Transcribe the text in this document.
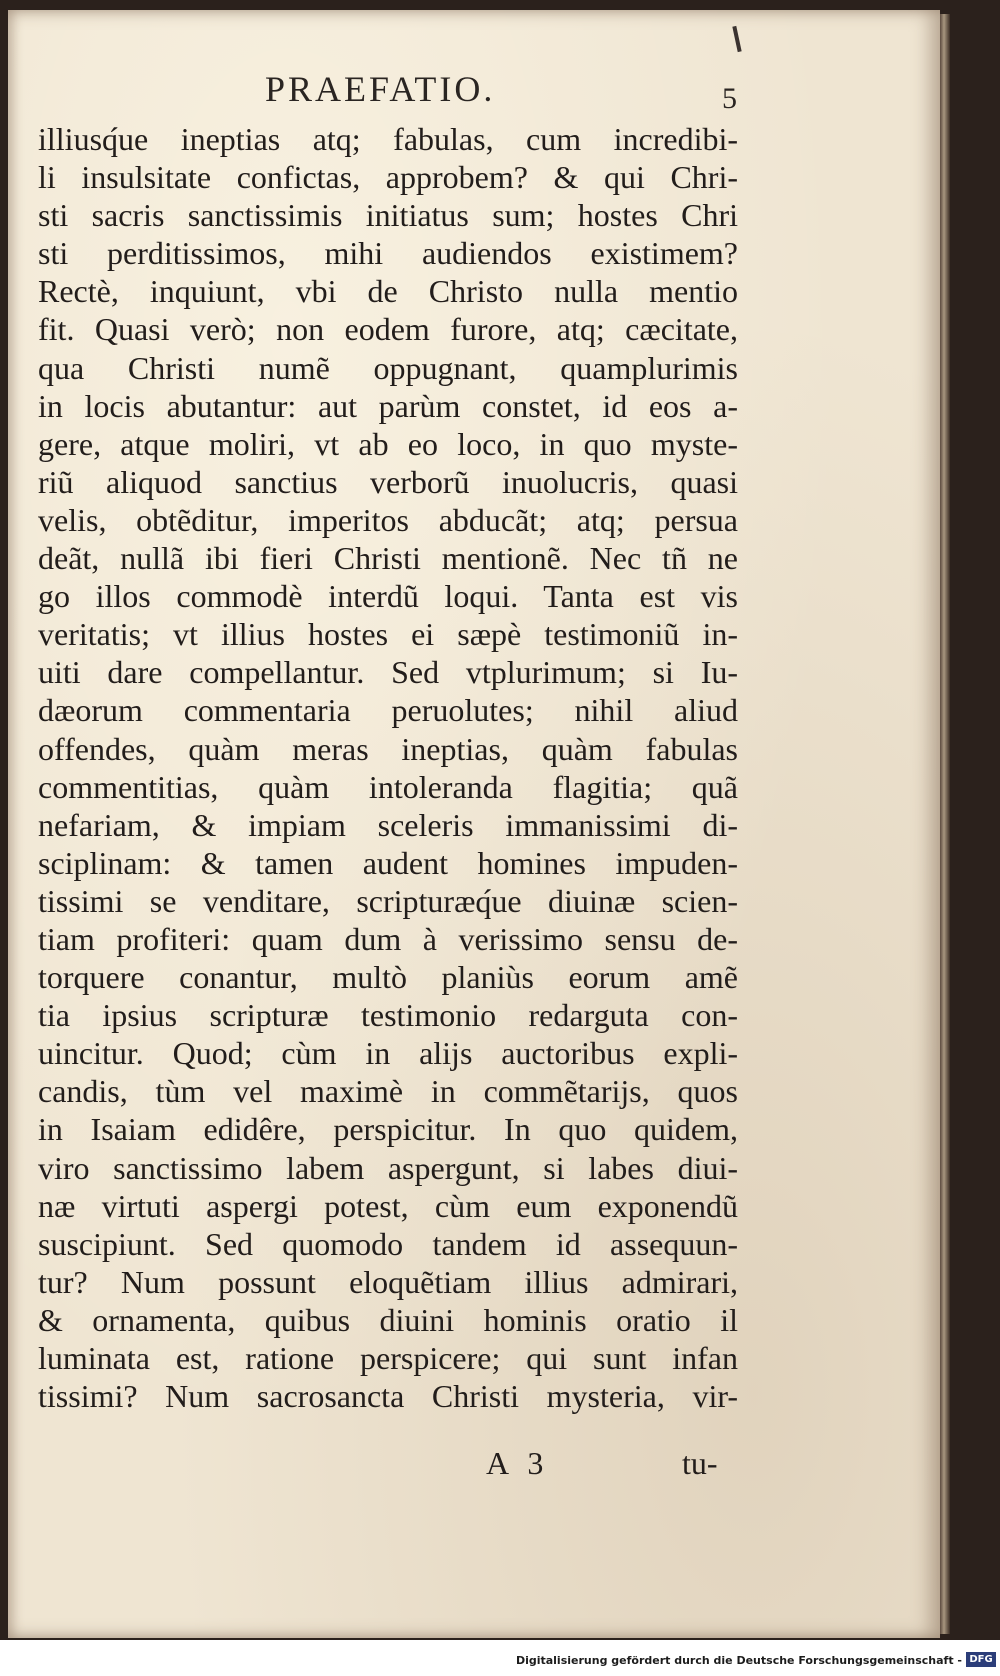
PRAEFATIO.	5
illiusq́ue ineptias atq; fabulas, cum incredibi-
li insulsitate confictas, approbem? & qui Chri-
sti sacris sanctissimis initiatus sum; hostes Chri
sti perditissimos, mihi audiendos existimem?
Rectè, inquiunt, vbi de Christo nulla mentio
fit. Quasi verò; non eodem furore, atq; cæcitate,
qua Christi numẽ oppugnant, quamplurimis
in locis abutantur: aut parùm constet, id eos a-
gere, atque moliri, vt ab eo loco, in quo myste-
riũ aliquod sanctius verborũ inuolucris, quasi
velis, obtẽditur, imperitos abducãt; atq; persua
deãt, nullã ibi fieri Christi mentionẽ. Nec tñ ne
go illos commodè interdũ loqui. Tanta est vis
veritatis; vt illius hostes ei sæpè testimoniũ in-
uiti dare compellantur. Sed vtplurimum; si Iu-
dæorum commentaria peruolutes; nihil aliud
offendes, quàm meras ineptias, quàm fabulas
commentitias, quàm intoleranda flagitia; quã
nefariam, & impiam sceleris immanissimi di-
sciplinam: & tamen audent homines impuden-
tissimi se venditare, scripturæq́ue diuinæ scien-
tiam profiteri: quam dum à verissimo sensu de-
torquere conantur, multò planiùs eorum amẽ
tia ipsius scripturæ testimonio redarguta con-
uincitur. Quod; cùm in alijs auctoribus expli-
candis, tùm vel maximè in commẽtarijs, quos
in Isaiam edidêre, perspicitur. In quo quidem,
viro sanctissimo labem aspergunt, si labes diui-
næ virtuti aspergi potest, cùm eum exponendũ
suscipiunt. Sed quomodo tandem id assequun-
tur? Num possunt eloquẽtiam illius admirari,
& ornamenta, quibus diuini hominis oratio il
luminata est, ratione perspicere; qui sunt infan
tissimi? Num sacrosancta Christi mysteria, vir-
A 3	tu-
Digitalisierung gefördert durch die Deutsche Forschungsgemeinschaft - DFG
